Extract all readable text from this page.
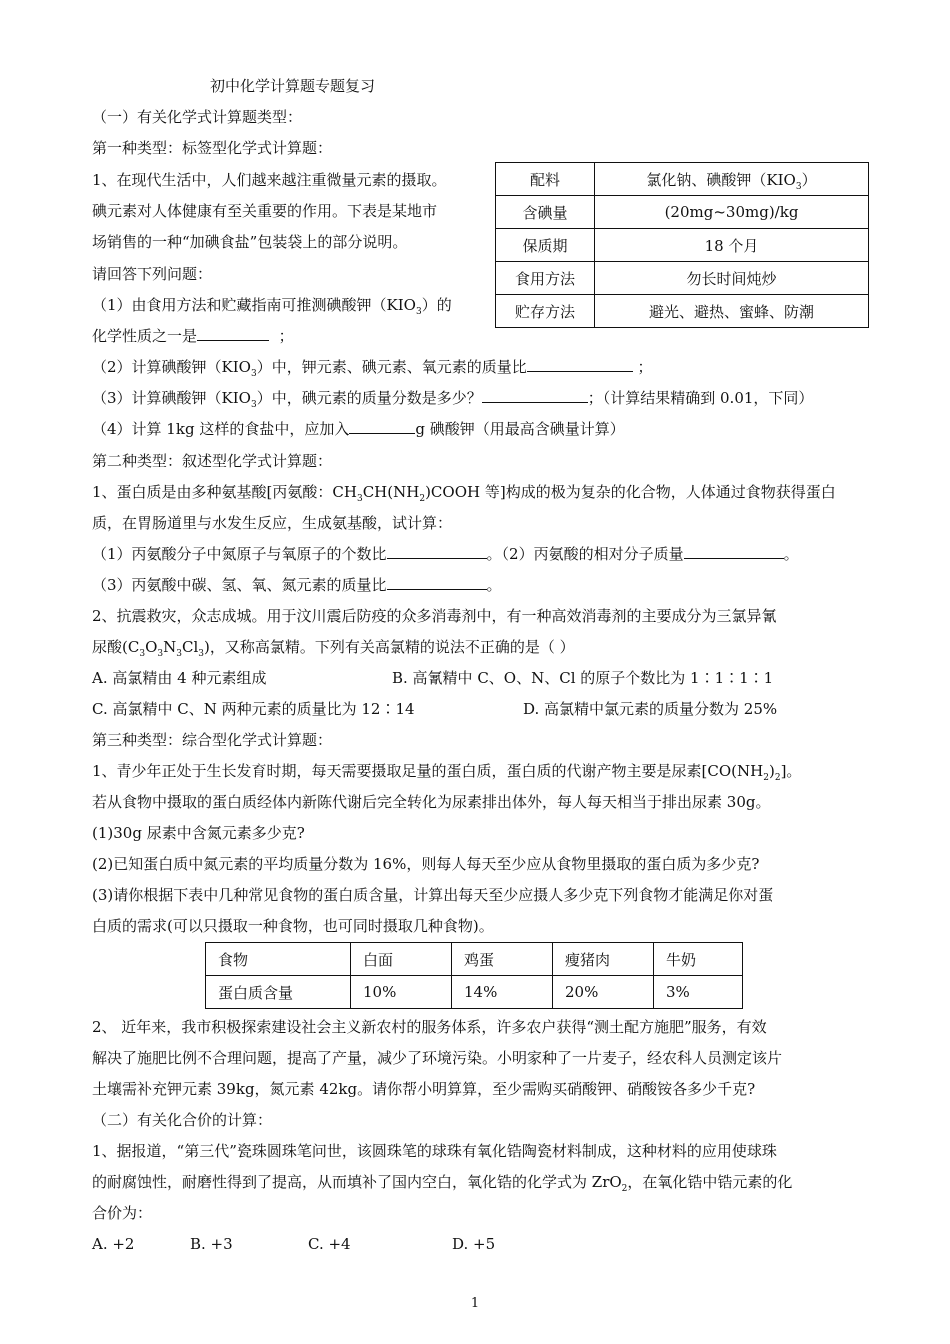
初中化学计算题专题复习
（一）有关化学式计算题类型：
第一种类型：标签型化学式计算题：
1、在现代生活中，人们越来越注重微量元素的摄取。
碘元素对人体健康有至关重要的作用。下表是某地市
场销售的一种“加碘食盐”包装袋上的部分说明。
请回答下列问题：
（1）由食用方法和贮藏指南可推测碘酸钾$(KIO_3)$的
化学性质之一是	；
（2）计算碘酸钾$(KIO_3)$中，钾元素、碘元素、氧元素的质量比	；
（3）计算碘酸钾$(KIO_3)$中，碘元素的质量分数是多少？	；（计算结果精确到 0.01，下同）
（4）计算 1kg 这样的食盐中，应加入	g 碘酸钾（用最高含碘量计算）
配料	氯化钠、碘酸钾$(KIO_3)$
含碘量	(20mg~30mg)/kg
保质期	18 个月
食用方法	勿长时间炖炒
贮存方法	避光、避热、蜜蜂、防潮
第二种类型：叙述型化学式计算题：
1、蛋白质是由多种氨基酸[丙氨酸：$CH_3CH(NH_2)COOH$ 等]构成的极为复杂的化合物，人体通过食物获得蛋白
质，在胃肠道里与水发生反应，生成氨基酸，试计算：
（1）丙氨酸分子中氮原子与氧原子的个数比	。（2）丙氨酸的相对分子质量	。
（3）丙氨酸中碳、氢、氧、氮元素的质量比	。
2、抗震救灾，众志成城。用于汶川震后防疫的众多消毒剂中，有一种高效消毒剂的主要成分为三氯异氰
尿酸$(C_3O_3N_3Cl_3)$，又称高氯精。下列有关高氯精的说法不正确的是（ ）
A. 高氯精由 4 种元素组成	B. 高氰精中 C、O、N、Cl 的原子个数比为 1∶1∶1∶1
C. 高氯精中 C、N 两种元素的质量比为 12∶14	D. 高氯精中氯元素的质量分数为 25%
第三种类型：综合型化学式计算题：
1、青少年正处于生长发育时期，每天需要摄取足量的蛋白质，蛋白质的代谢产物主要是尿素$[CO(NH_2)_2]$。
若从食物中摄取的蛋白质经体内新陈代谢后完全转化为尿素排出体外，每人每天相当于排出尿素 30g。
(1)30g 尿素中含氮元素多少克?
(2)已知蛋白质中氮元素的平均质量分数为 16%，则每人每天至少应从食物里摄取的蛋白质为多少克?
(3)请你根据下表中几种常见食物的蛋白质含量，计算出每天至少应摄人多少克下列食物才能满足你对蛋
白质的需求(可以只摄取一种食物，也可同时摄取几种食物)。
食物	白面	鸡蛋	瘦猪肉	牛奶
蛋白质含量	10%	14%	20%	3%
2、 近年来，我市积极探索建设社会主义新农村的服务体系，许多农户获得“测土配方施肥”服务，有效
解决了施肥比例不合理问题，提高了产量，减少了环境污染。小明家种了一片麦子，经农科人员测定该片
土壤需补充钾元素 39kg，氮元素 42kg。请你帮小明算算，至少需购买硝酸钾、硝酸铵各多少千克?
（二）有关化合价的计算：
1、据报道，“第三代”瓷珠圆珠笔问世，该圆珠笔的球珠有氧化锆陶瓷材料制成，这种材料的应用使球珠
的耐腐蚀性，耐磨性得到了提高，从而填补了国内空白，氧化锆的化学式为 ZrO$_2$，在氧化锆中锆元素的化
合价为：
A. +2	B. +3	C. +4	D. +5
1
